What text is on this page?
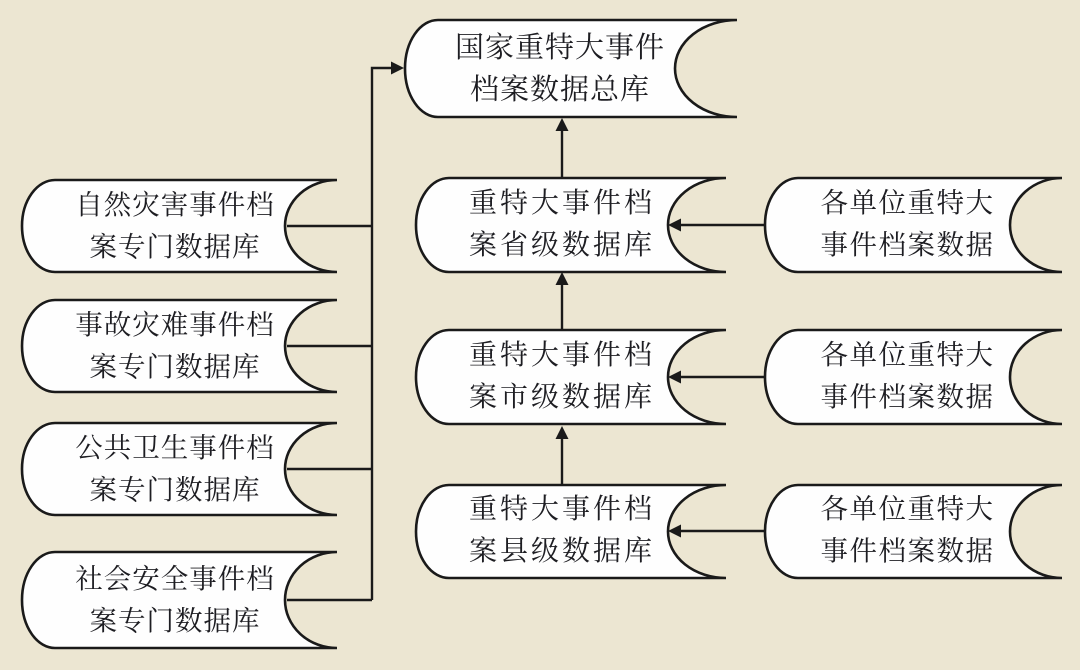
国家重特大事件
档案数据总库
重特大事件档
案省级数据库
重特大事件档
案市级数据库
重特大事件档
案县级数据库
自然灾害事件档
案专门数据库
事故灾难事件档
案专门数据库
公共卫生事件档
案专门数据库
社会安全事件档
案专门数据库
各单位重特大
事件档案数据
各单位重特大
事件档案数据
各单位重特大
事件档案数据
